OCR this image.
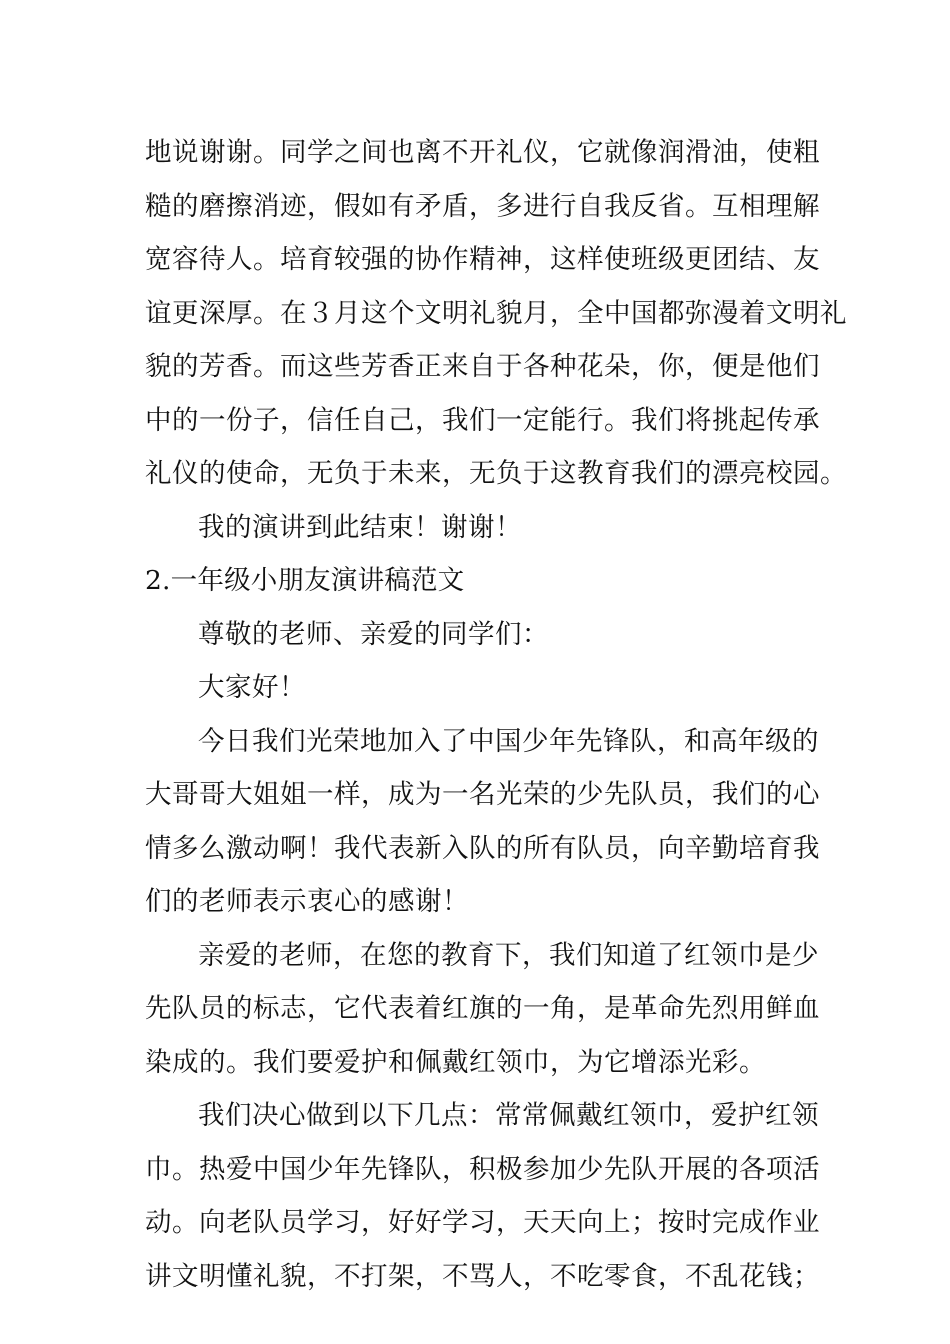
地说谢谢。同学之间也离不开礼仪，它就像润滑油，使粗
糙的磨擦消迹，假如有矛盾，多进行自我反省。互相理解
宽容待人。培育较强的协作精神，这样使班级更团结、友
谊更深厚。在３月这个文明礼貌月，全中国都弥漫着文明礼
貌的芳香。而这些芳香正来自于各种花朵，你，便是他们
中的一份子，信任自己，我们一定能行。我们将挑起传承
礼仪的使命，无负于未来，无负于这教育我们的漂亮校园。
我的演讲到此结束！谢谢！
2.一年级小朋友演讲稿范文
尊敬的老师、亲爱的同学们：
大家好！
今日我们光荣地加入了中国少年先锋队，和高年级的
大哥哥大姐姐一样，成为一名光荣的少先队员，我们的心
情多么激动啊！我代表新入队的所有队员，向辛勤培育我
们的老师表示衷心的感谢！
亲爱的老师，在您的教育下，我们知道了红领巾是少
先队员的标志，它代表着红旗的一角，是革命先烈用鲜血
染成的。我们要爱护和佩戴红领巾，为它增添光彩。
我们决心做到以下几点：常常佩戴红领巾，爱护红领
巾。热爱中国少年先锋队，积极参加少先队开展的各项活
动。向老队员学习，好好学习，天天向上；按时完成作业
讲文明懂礼貌，不打架，不骂人，不吃零食，不乱花钱；
